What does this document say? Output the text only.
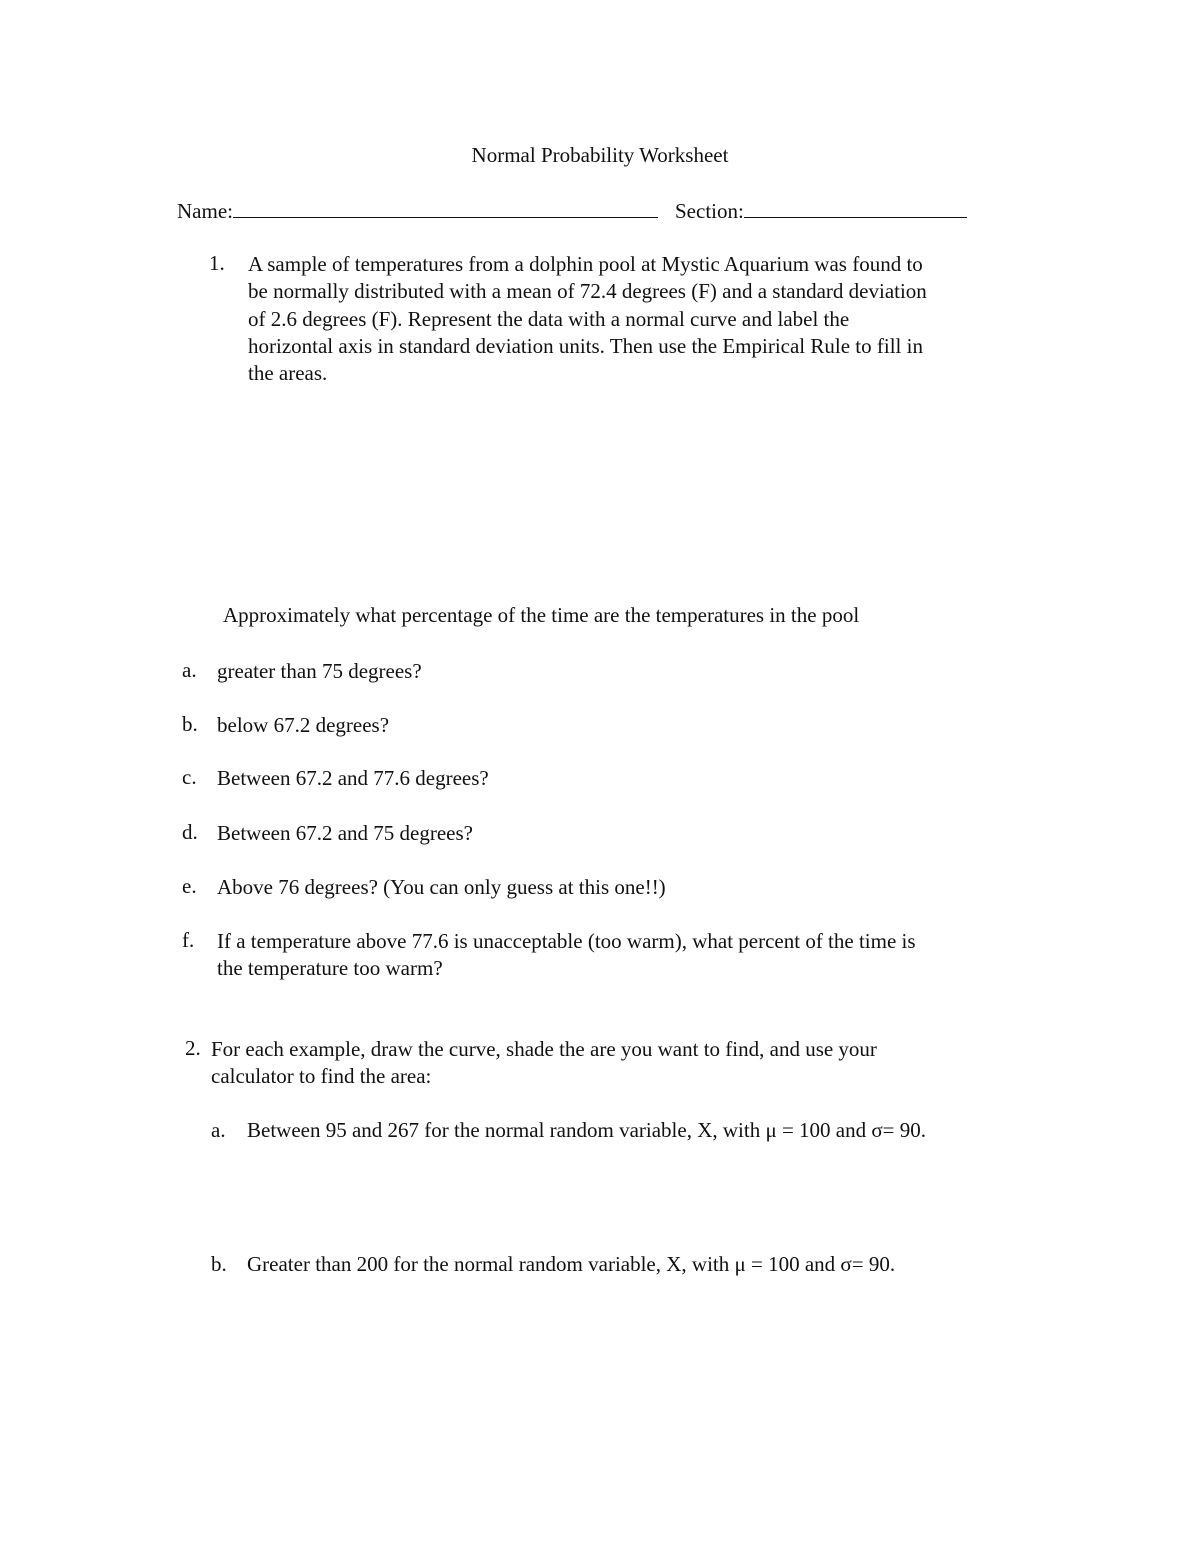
Normal Probability Worksheet
Name:	Section:
1. A sample of temperatures from a dolphin pool at Mystic Aquarium was found to
be normally distributed with a mean of 72.4 degrees (F) and a standard deviation
of 2.6 degrees (F). Represent the data with a normal curve and label the
horizontal axis in standard deviation units. Then use the Empirical Rule to fill in
the areas.
Approximately what percentage of the time are the temperatures in the pool
a. greater than 75 degrees?
b. below 67.2 degrees?
c. Between 67.2 and 77.6 degrees?
d. Between 67.2 and 75 degrees?
e. Above 76 degrees? (You can only guess at this one!!)
f. If a temperature above 77.6 is unacceptable (too warm), what percent of the time is
the temperature too warm?
2. For each example, draw the curve, shade the are you want to find, and use your
calculator to find the area:
a. Between 95 and 267 for the normal random variable, X, with μ = 100 and σ= 90.
b. Greater than 200 for the normal random variable, X, with μ = 100 and σ= 90.
